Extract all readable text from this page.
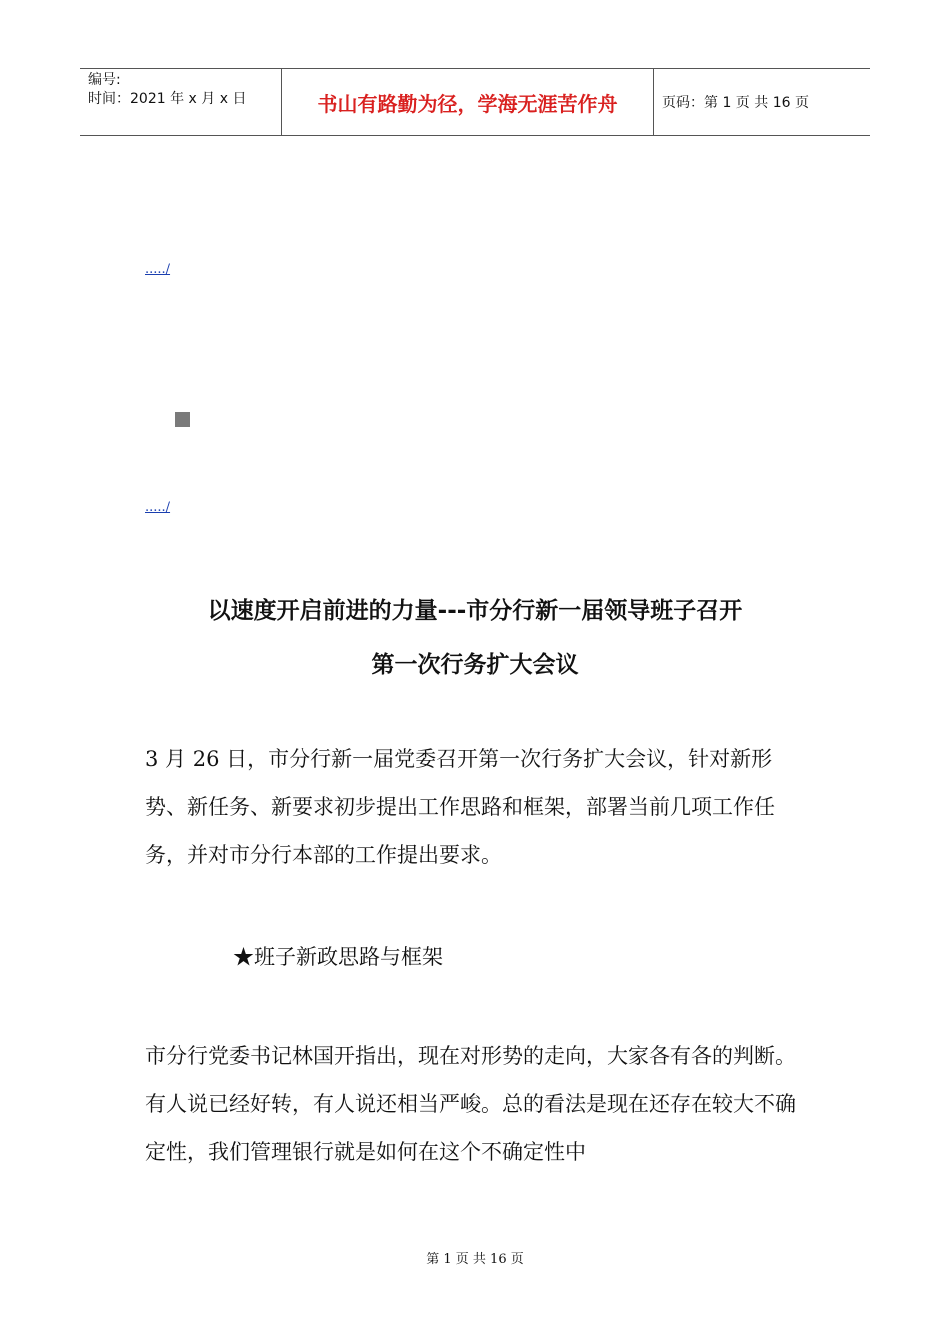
编号:
时间：2021 年 x 月 x 日	书山有路勤为径，学海无涯苦作舟	页码：第 1 页 共 16 页
...../
...../
以速度开启前进的力量---市分行新一届领导班子召开
第一次行务扩大会议

3 月 26 日，市分行新一届党委召开第一次行务扩大会议，针对新形势、新任务、新要求初步提出工作思路和框架，部署当前几项工作任务，并对市分行本部的工作提出要求。

★班子新政思路与框架

市分行党委书记林国开指出，现在对形势的走向，大家各有各的判断。有人说已经好转，有人说还相当严峻。总的看法是现在还存在较大不确定性，我们管理银行就是如何在这个不确定性中

第 1 页 共 16 页
